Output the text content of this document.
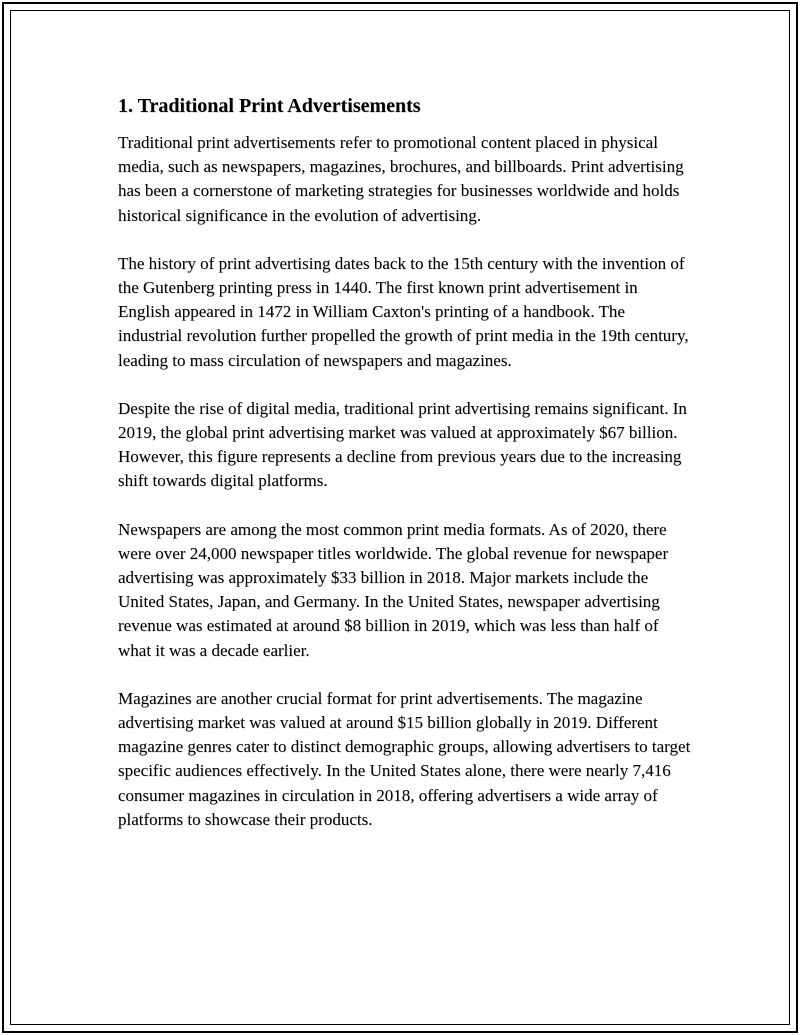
1. Traditional Print Advertisements

Traditional print advertisements refer to promotional content placed in physical media, such as newspapers, magazines, brochures, and billboards. Print advertising has been a cornerstone of marketing strategies for businesses worldwide and holds historical significance in the evolution of advertising.

The history of print advertising dates back to the 15th century with the invention of the Gutenberg printing press in 1440. The first known print advertisement in English appeared in 1472 in William Caxton's printing of a handbook. The industrial revolution further propelled the growth of print media in the 19th century, leading to mass circulation of newspapers and magazines.

Despite the rise of digital media, traditional print advertising remains significant. In 2019, the global print advertising market was valued at approximately $67 billion. However, this figure represents a decline from previous years due to the increasing shift towards digital platforms.

Newspapers are among the most common print media formats. As of 2020, there were over 24,000 newspaper titles worldwide. The global revenue for newspaper advertising was approximately $33 billion in 2018. Major markets include the United States, Japan, and Germany. In the United States, newspaper advertising revenue was estimated at around $8 billion in 2019, which was less than half of what it was a decade earlier.

Magazines are another crucial format for print advertisements. The magazine advertising market was valued at around $15 billion globally in 2019. Different magazine genres cater to distinct demographic groups, allowing advertisers to target specific audiences effectively. In the United States alone, there were nearly 7,416 consumer magazines in circulation in 2018, offering advertisers a wide array of platforms to showcase their products.
